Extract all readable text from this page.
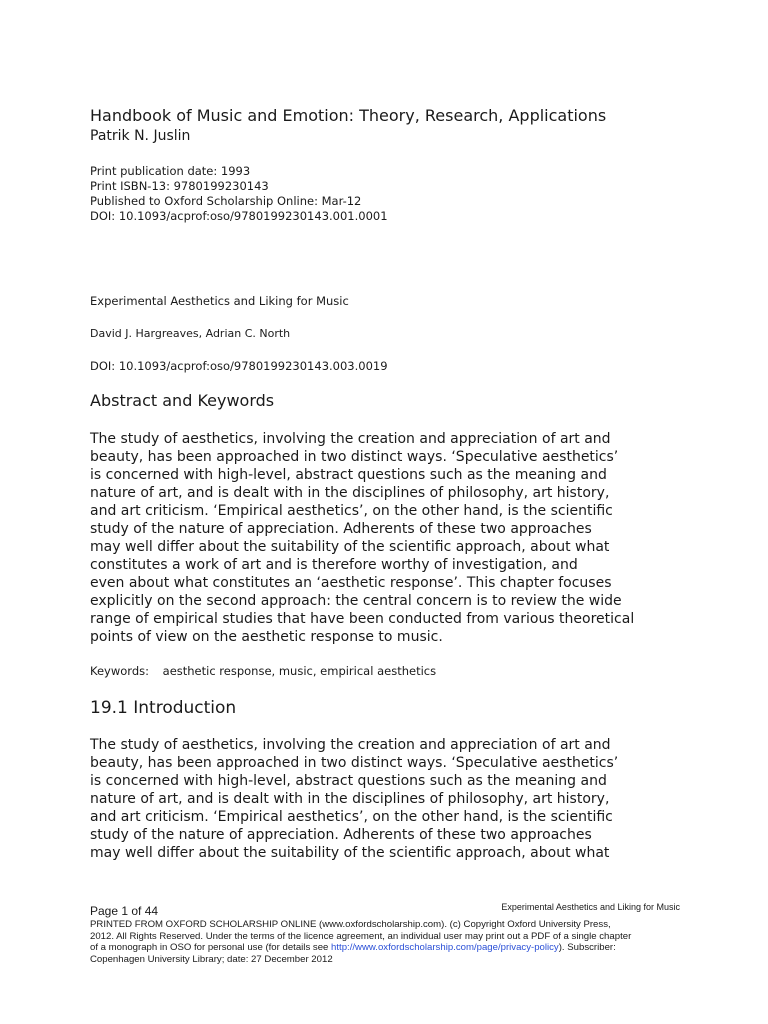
Handbook of Music and Emotion: Theory, Research, Applications
Patrik N. Juslin
Print publication date: 1993
Print ISBN-13: 9780199230143
Published to Oxford Scholarship Online: Mar-12
DOI: 10.1093/acprof:oso/9780199230143.001.0001
Experimental Aesthetics and Liking for Music
David J. Hargreaves, Adrian C. North
DOI: 10.1093/acprof:oso/9780199230143.003.0019
Abstract and Keywords
The study of aesthetics, involving the creation and appreciation of art and
beauty, has been approached in two distinct ways. ‘Speculative aesthetics’
is concerned with high-level, abstract questions such as the meaning and
nature of art, and is dealt with in the disciplines of philosophy, art history,
and art criticism. ‘Empirical aesthetics’, on the other hand, is the scientific
study of the nature of appreciation. Adherents of these two approaches
may well differ about the suitability of the scientific approach, about what
constitutes a work of art and is therefore worthy of investigation, and
even about what constitutes an ‘aesthetic response’. This chapter focuses
explicitly on the second approach: the central concern is to review the wide
range of empirical studies that have been conducted from various theoretical
points of view on the aesthetic response to music.
Keywords: aesthetic response, music, empirical aesthetics
19.1 Introduction
The study of aesthetics, involving the creation and appreciation of art and
beauty, has been approached in two distinct ways. ‘Speculative aesthetics’
is concerned with high-level, abstract questions such as the meaning and
nature of art, and is dealt with in the disciplines of philosophy, art history,
and art criticism. ‘Empirical aesthetics’, on the other hand, is the scientific
study of the nature of appreciation. Adherents of these two approaches
may well differ about the suitability of the scientific approach, about what
Page 1 of 44	Experimental Aesthetics and Liking for Music
PRINTED FROM OXFORD SCHOLARSHIP ONLINE (www.oxfordscholarship.com). (c) Copyright Oxford University Press,
2012. All Rights Reserved. Under the terms of the licence agreement, an individual user may print out a PDF of a single chapter
of a monograph in OSO for personal use (for details see http://www.oxfordscholarship.com/page/privacy-policy). Subscriber:
Copenhagen University Library; date: 27 December 2012
